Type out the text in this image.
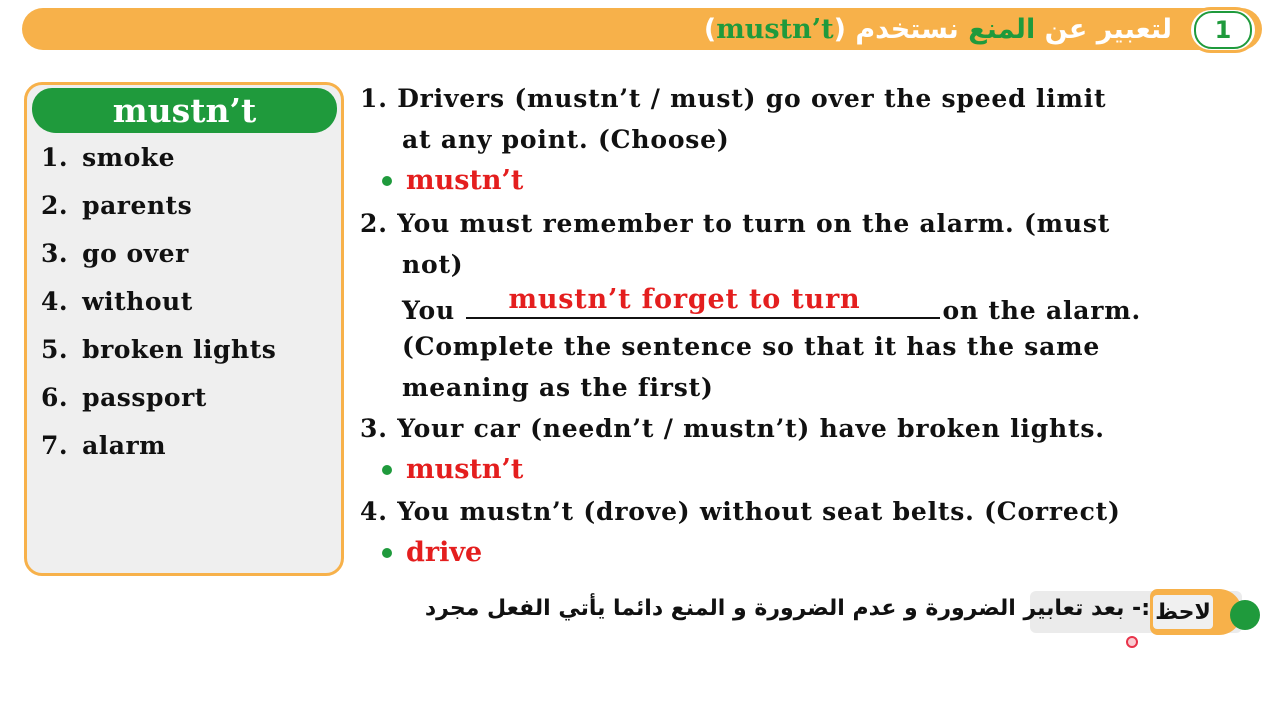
لتعبير عن

المنع

نستخدم

(
mustn’t
)	1
mustn’t
1. smoke
2. parents
3. go over
4. without
5. broken lights
6. passport
7. alarm
1. Drivers (mustn’t / must) go over the speed limit
at any point. (Choose)
mustn’t
2. You must remember to turn on the alarm. (must
not)
You mustn’t forget to turn	on the alarm.
(Complete the sentence so that it has the same
meaning as the first)
3. Your car (needn’t / mustn’t) have broken lights.
mustn’t
4. You mustn’t (drove) without seat belts. (Correct)
drive
لاحظ
:- بعد تعابير الضرورة و عدم الضرورة و المنع دائما يأتي الفعل مجرد
